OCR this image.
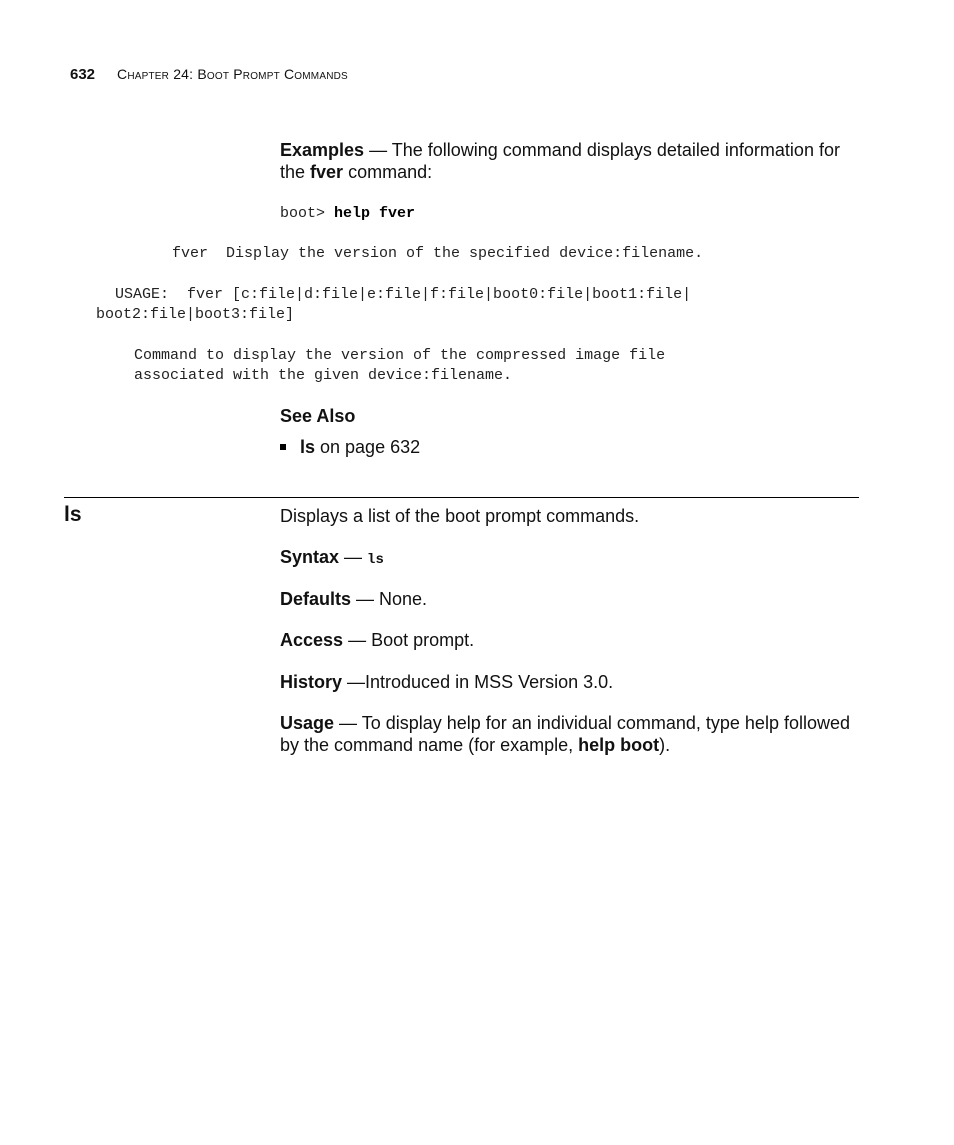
632 Chapter 24: Boot Prompt Commands
Examples — The following command displays detailed information for
the fver command:
boot> help fver
fver  Display the version of the specified device:filename.
USAGE:  fver [c:file|d:file|e:file|f:file|boot0:file|boot1:file|
boot2:file|boot3:file]
Command to display the version of the compressed image file
associated with the given device:filename.
See Also
ls on page 632
ls	Displays a list of the boot prompt commands.
Syntax — ls
Defaults — None.
Access — Boot prompt.
History —Introduced in MSS Version 3.0.
Usage — To display help for an individual command, type help followed
by the command name (for example, help boot).
